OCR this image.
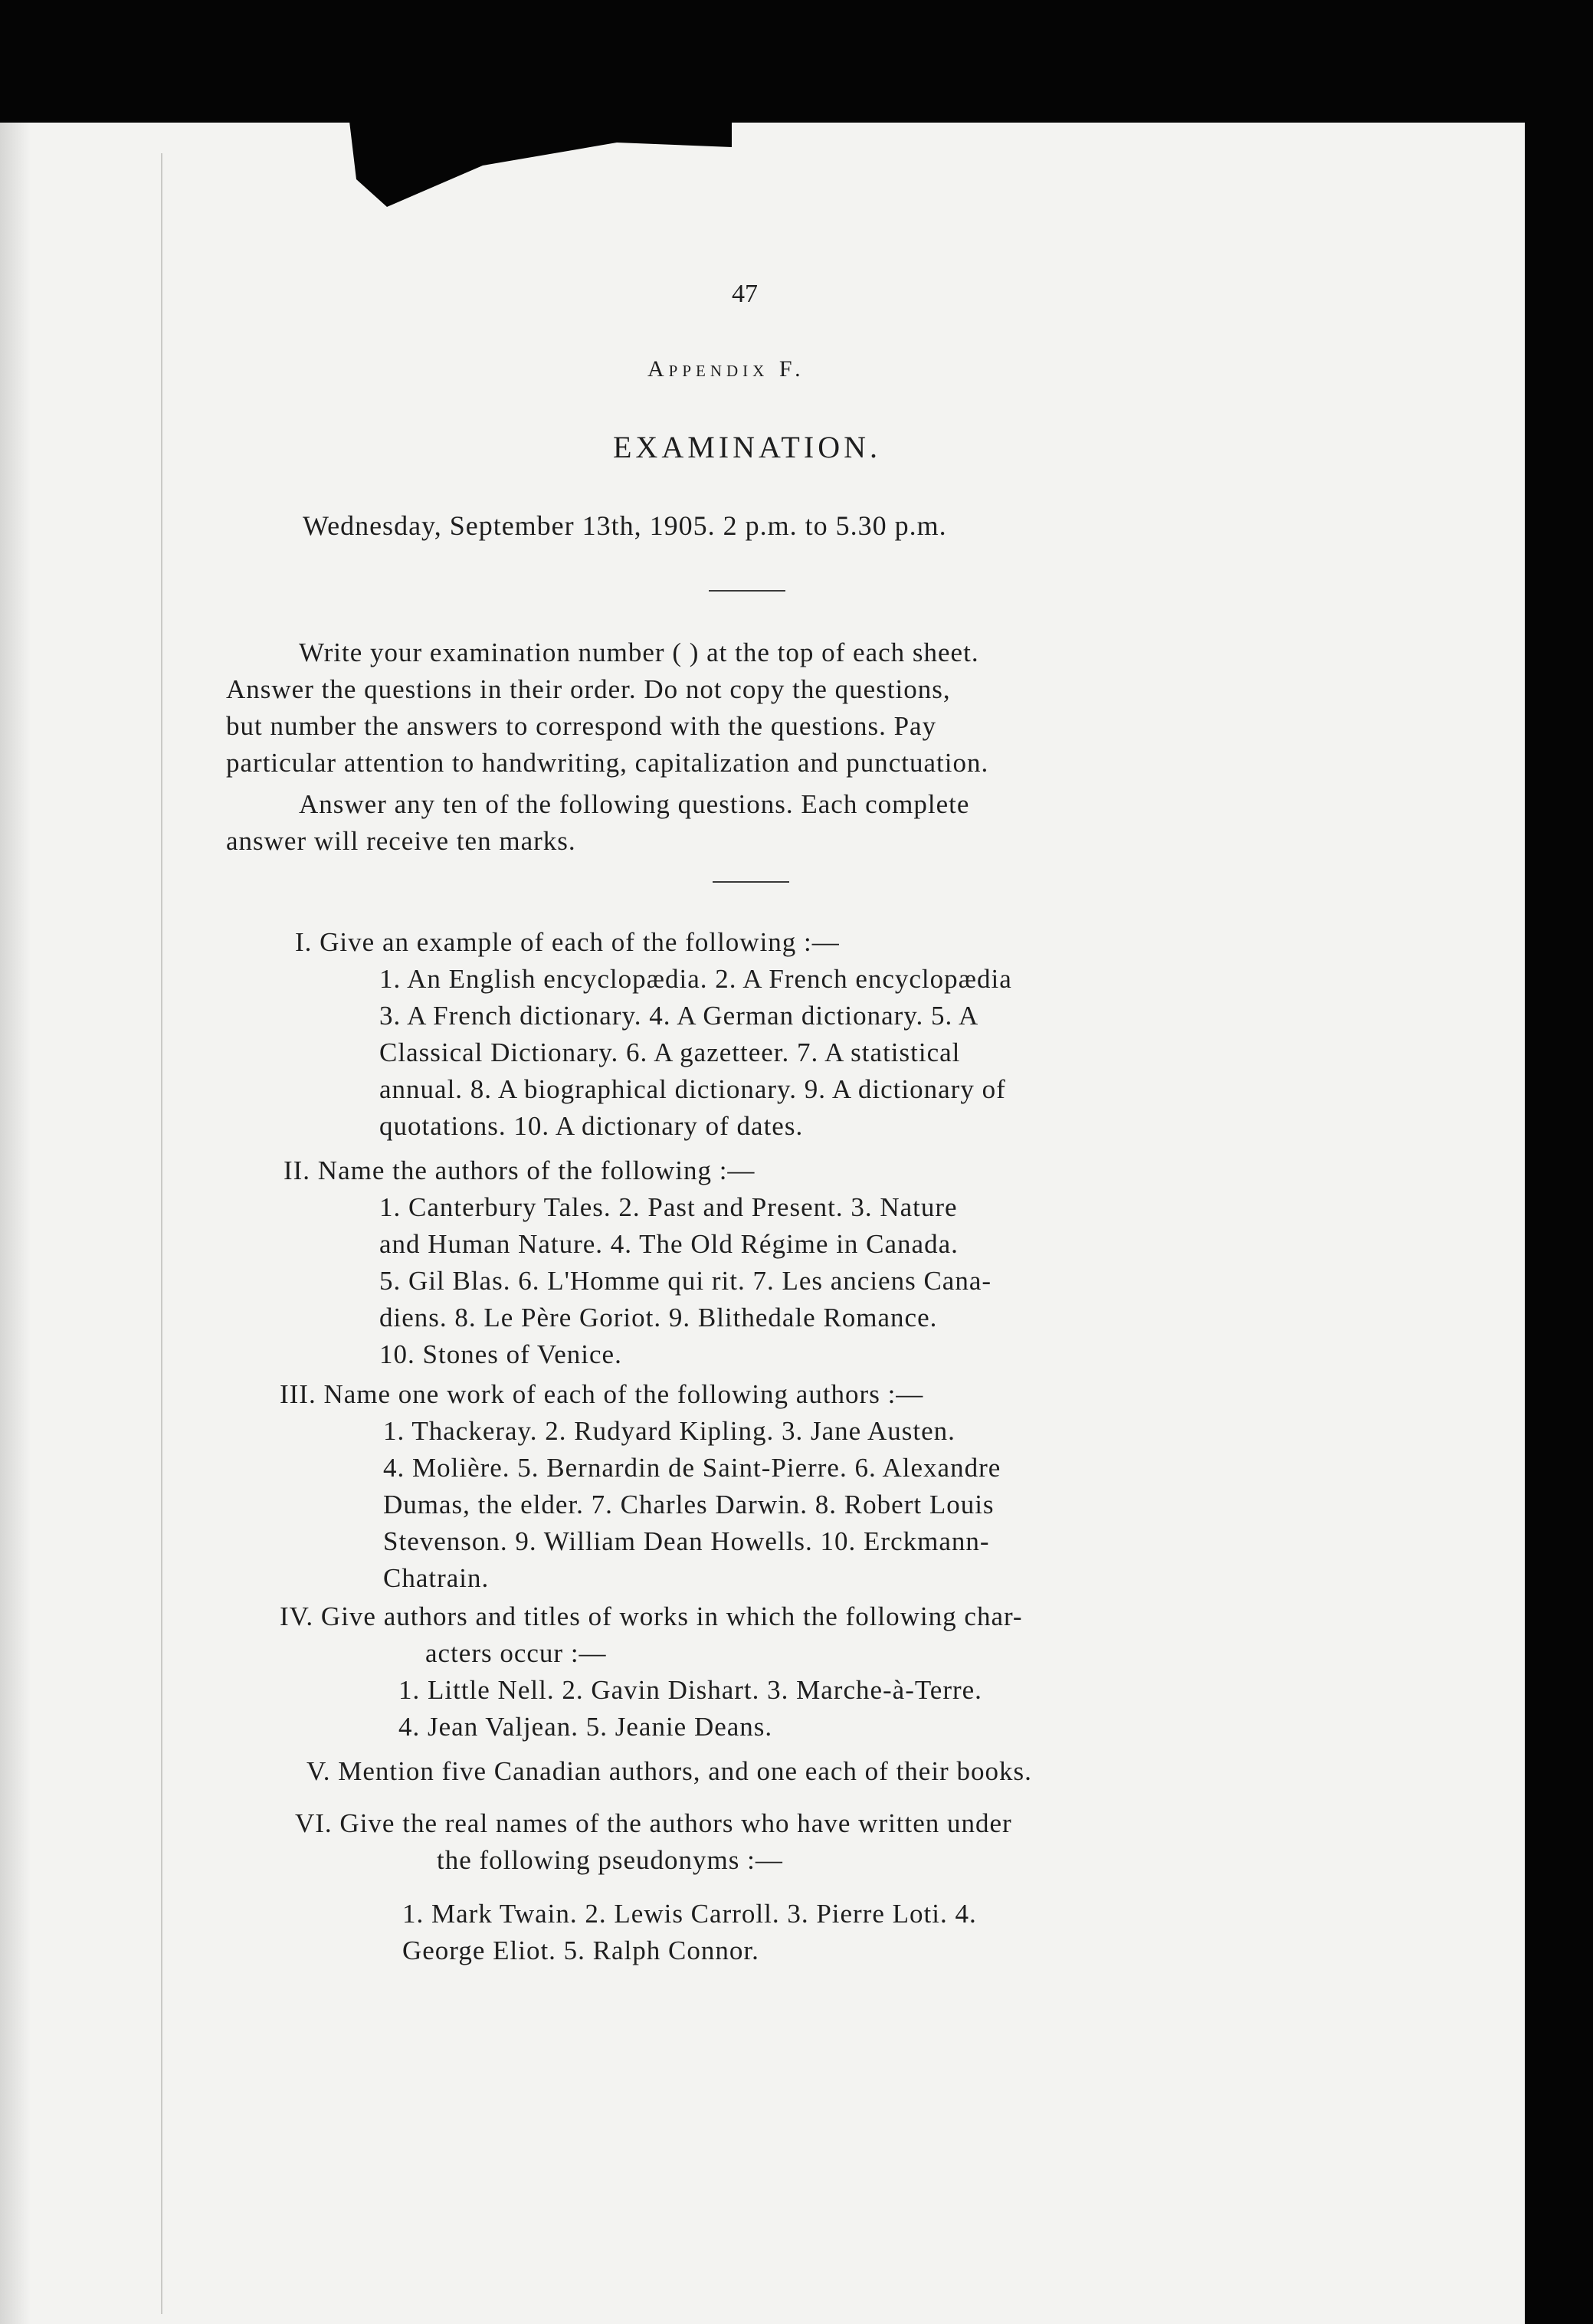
47
Appendix F.
EXAMINATION.
Wednesday, September 13th, 1905. 2 p.m. to 5.30 p.m.
Write your examination number ( ) at the top of each sheet.
Answer the questions in their order. Do not copy the questions,
but number the answers to correspond with the questions. Pay
particular attention to handwriting, capitalization and punctuation.
Answer any ten of the following questions. Each complete
answer will receive ten marks.
I. Give an example of each of the following :—
1. An English encyclopædia. 2. A French encyclopædia
3. A French dictionary. 4. A German dictionary. 5. A
Classical Dictionary. 6. A gazetteer. 7. A statistical
annual. 8. A biographical dictionary. 9. A dictionary of
quotations. 10. A dictionary of dates.
II. Name the authors of the following :—
1. Canterbury Tales. 2. Past and Present. 3. Nature
and Human Nature. 4. The Old Régime in Canada.
5. Gil Blas. 6. L'Homme qui rit. 7. Les anciens Cana-
diens. 8. Le Père Goriot. 9. Blithedale Romance.
10. Stones of Venice.
III. Name one work of each of the following authors :—
1. Thackeray. 2. Rudyard Kipling. 3. Jane Austen.
4. Molière. 5. Bernardin de Saint-Pierre. 6. Alexandre
Dumas, the elder. 7. Charles Darwin. 8. Robert Louis
Stevenson. 9. William Dean Howells. 10. Erckmann-
Chatrain.
IV. Give authors and titles of works in which the following char-
acters occur :—
1. Little Nell. 2. Gavin Dishart. 3. Marche-à-Terre.
4. Jean Valjean. 5. Jeanie Deans.
V. Mention five Canadian authors, and one each of their books.
VI. Give the real names of the authors who have written under
the following pseudonyms :—
1. Mark Twain. 2. Lewis Carroll. 3. Pierre Loti. 4.
George Eliot. 5. Ralph Connor.
